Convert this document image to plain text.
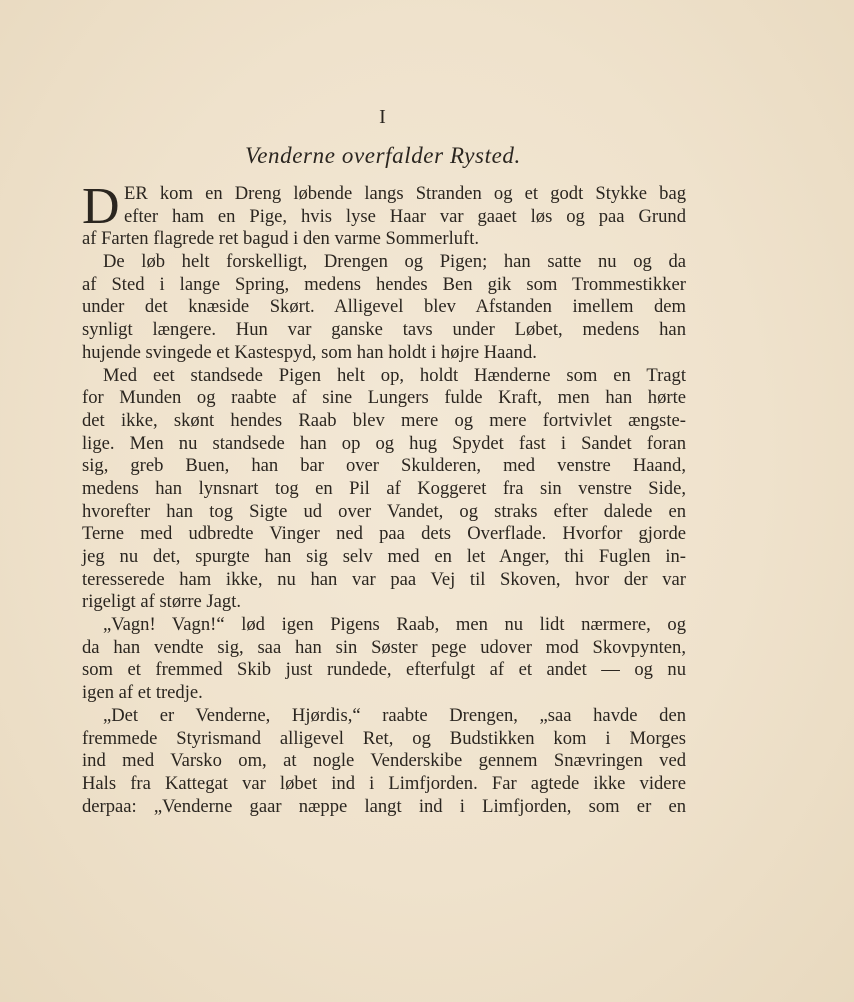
I
Venderne overfalder Rysted.
D ER kom en Dreng løbende langs Stranden og et godt Stykke bag
efter ham en Pige, hvis lyse Haar var gaaet løs og paa Grund
af Farten flagrede ret bagud i den varme Sommerluft.
De løb helt forskelligt, Drengen og Pigen; han satte nu og da
af Sted i lange Spring, medens hendes Ben gik som Trommestikker
under det knæside Skørt. Alligevel blev Afstanden imellem dem
synligt længere. Hun var ganske tavs under Løbet, medens han
hujende svingede et Kastespyd, som han holdt i højre Haand.
Med eet standsede Pigen helt op, holdt Hænderne som en Tragt
for Munden og raabte af sine Lungers fulde Kraft, men han hørte
det ikke, skønt hendes Raab blev mere og mere fortvivlet ængste-
lige. Men nu standsede han op og hug Spydet fast i Sandet foran
sig, greb Buen, han bar over Skulderen, med venstre Haand,
medens han lynsnart tog en Pil af Koggeret fra sin venstre Side,
hvorefter han tog Sigte ud over Vandet, og straks efter dalede en
Terne med udbredte Vinger ned paa dets Overflade. Hvorfor gjorde
jeg nu det, spurgte han sig selv med en let Anger, thi Fuglen in-
teresserede ham ikke, nu han var paa Vej til Skoven, hvor der var
rigeligt af større Jagt.
„Vagn! Vagn!“ lød igen Pigens Raab, men nu lidt nærmere, og
da han vendte sig, saa han sin Søster pege udover mod Skovpynten,
som et fremmed Skib just rundede, efterfulgt af et andet — og nu
igen af et tredje.
„Det er Venderne, Hjørdis,“ raabte Drengen, „saa havde den
fremmede Styrismand alligevel Ret, og Budstikken kom i Morges
ind med Varsko om, at nogle Venderskibe gennem Snævringen ved
Hals fra Kattegat var løbet ind i Limfjorden. Far agtede ikke videre
derpaa: „Venderne gaar næppe langt ind i Limfjorden, som er en
